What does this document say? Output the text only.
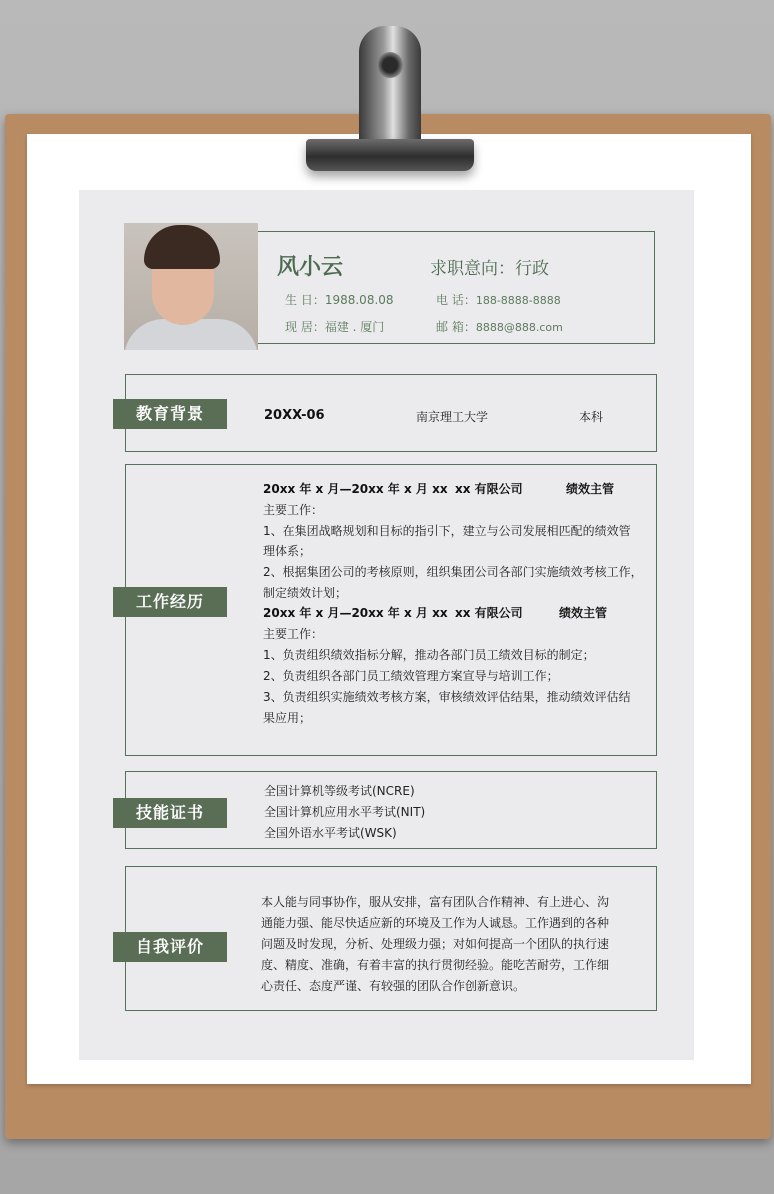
风小云	求职意向：行政
生 日：1988.08.08	电 话：188-8888-8888
现 居：福建 . 厦门	邮 箱：8888@888.com
教育背景	20XX-06	南京理工大学	本科
工作经历
20xx 年 x 月—20xx 年 x 月 xx xx 有限公司	绩效主管
主要工作：
1、在集团战略规划和目标的指引下，建立与公司发展相匹配的绩效管
理体系；
2、根据集团公司的考核原则，组织集团公司各部门实施绩效考核工作，
制定绩效计划；
20xx 年 x 月—20xx 年 x 月 xx xx 有限公司	绩效主管
主要工作：
1、负责组织绩效指标分解，推动各部门员工绩效目标的制定；
2、负责组织各部门员工绩效管理方案宣导与培训工作；
3、负责组织实施绩效考核方案，审核绩效评估结果，推动绩效评估结
果应用；
技能证书
全国计算机等级考试(NCRE)
全国计算机应用水平考试(NIT)
全国外语水平考试(WSK)
自我评价
本人能与同事协作，服从安排，富有团队合作精神、有上进心、沟
通能力强、能尽快适应新的环境及工作为人诚恳。工作遇到的各种
问题及时发现，分析、处理级力强；对如何提高一个团队的执行速
度、精度、准确，有着丰富的执行贯彻经验。能吃苦耐劳，工作细
心责任、态度严谨、有较强的团队合作创新意识。
